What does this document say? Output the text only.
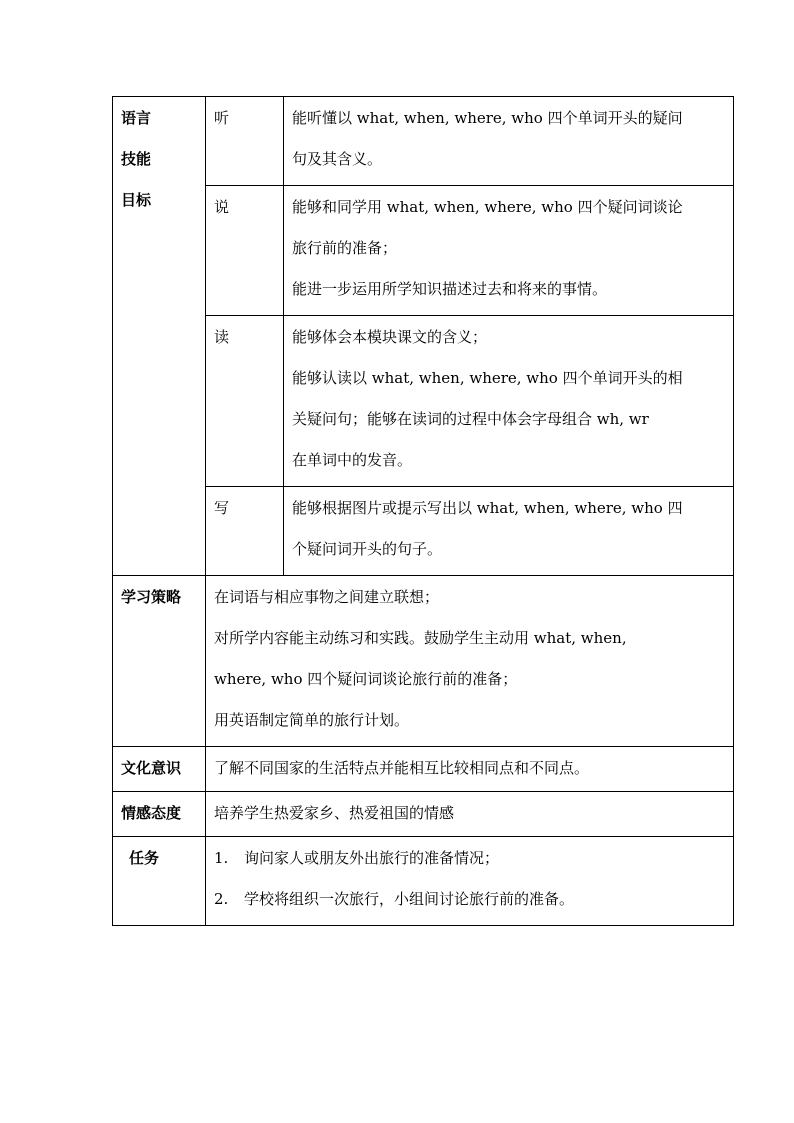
语言
技能
目标	听	能听懂以 what, when, where, who 四个单词开头的疑问
句及其含义。

	说	能够和同学用 what, when, where, who 四个疑问词谈论
旅行前的准备；
能进一步运用所学知识描述过去和将来的事情。

	读	能够体会本模块课文的含义；
能够认读以 what, when, where, who 四个单词开头的相
关疑问句；能够在读词的过程中体会字母组合 wh, wr
在单词中的发音。

	写	能够根据图片或提示写出以 what, when, where, who 四
个疑问词开头的句子。

学习策略	在词语与相应事物之间建立联想；
对所学内容能主动练习和实践。鼓励学生主动用 what, when,
where, who 四个疑问词谈论旅行前的准备；
用英语制定简单的旅行计划。	

文化意识	了解不同国家的生活特点并能相互比较相同点和不同点。	

情感态度	培养学生热爱家乡、热爱祖国的情感	

任务	1. 询问家人或朋友外出旅行的准备情况；
2. 学校将组织一次旅行，小组间讨论旅行前的准备。	
